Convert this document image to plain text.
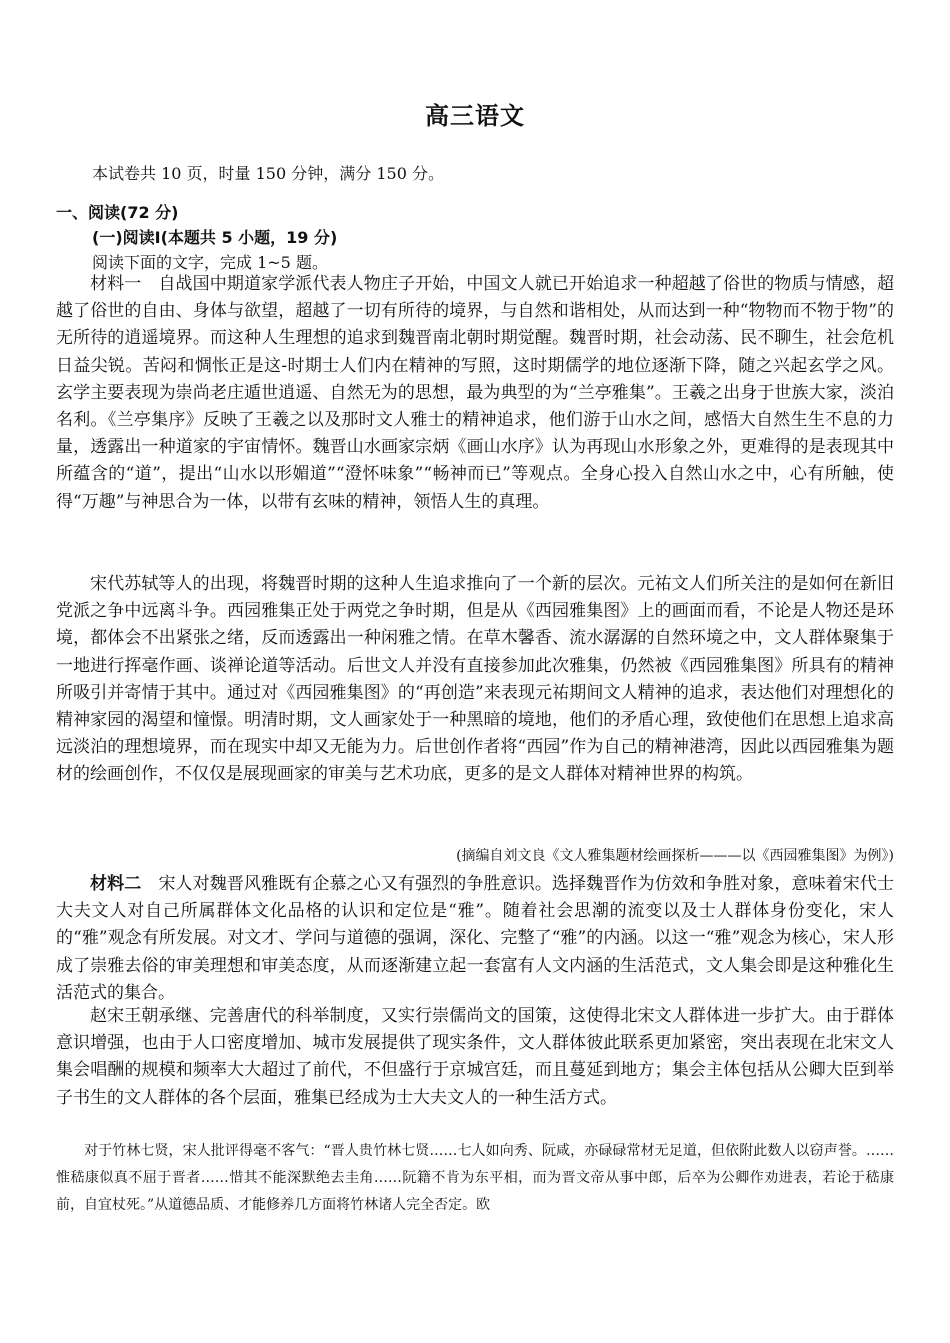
高三语文
本试卷共 10 页，时量 150 分钟，满分 150 分。
一、阅读(72 分)
(一)阅读Ⅰ(本题共 5 小题，19 分)
阅读下面的文字，完成 1~5 题。

材料一　 自战国中期道家学派代表人物庄子开始，中国文人就已开始追求一种超越了俗世的物质与情感，超越了俗世的自由、身体与欲望，超越了一切有所待的境界，与自然和谐相处，从而达到一种“物物而不物于物”的无所待的逍遥境界。而这种人生理想的追求到魏晋南北朝时期觉醒。魏晋时期，社会动荡、民不聊生，社会危机日益尖锐。苦闷和惆怅正是这-时期士人们内在精神的写照，这时期儒学的地位逐渐下降，随之兴起玄学之风。玄学主要表现为崇尚老庄遁世逍遥、自然无为的思想，最为典型的为“兰亭雅集”。王羲之出身于世族大家，淡泊名利。《兰亭集序》反映了王羲之以及那时文人雅士的精神追求，他们游于山水之间，感悟大自然生生不息的力量，透露出一种道家的宇宙情怀。魏晋山水画家宗炳《画山水序》认为再现山水形象之外，更难得的是表现其中所蕴含的“道”，提出“山水以形媚道”“澄怀味象”“畅神而已”等观点。全身心投入自然山水之中，心有所触，使得“万趣”与神思合为一体，以带有玄味的精神，领悟人生的真理。

宋代苏轼等人的出现，将魏晋时期的这种人生追求推向了一个新的层次。元祐文人们所关注的是如何在新旧党派之争中远离斗争。西园雅集正处于两党之争时期，但是从《西园雅集图》上的画面而看，不论是人物还是环境，都体会不出紧张之绪，反而透露出一种闲雅之情。在草木馨香、流水潺潺的自然环境之中，文人群体聚集于一地进行挥毫作画、谈禅论道等活动。后世文人并没有直接参加此次雅集，仍然被《西园雅集图》所具有的精神所吸引并寄情于其中。通过对《西园雅集图》的“再创造”来表现元祐期间文人精神的追求，表达他们对理想化的精神家园的渴望和憧憬。明清时期，文人画家处于一种黑暗的境地，他们的矛盾心理，致使他们在思想上追求高远淡泊的理想境界，而在现实中却又无能为力。后世创作者将“西园”作为自己的精神港湾，因此以西园雅集为题材的绘画创作，不仅仅是展现画家的审美与艺术功底，更多的是文人群体对精神世界的构筑。

(摘编自刘文良《文人雅集题材绘画探析———以《西园雅集图》为例》)

材料二　 宋人对魏晋风雅既有企慕之心又有强烈的争胜意识。选择魏晋作为仿效和争胜对象，意味着宋代士大夫文人对自己所属群体文化品格的认识和定位是“雅”。随着社会思潮的流变以及士人群体身份变化，宋人的“雅”观念有所发展。对文才、学问与道德的强调，深化、完整了“雅”的内涵。以这一“雅”观念为核心，宋人形成了崇雅去俗的审美理想和审美态度，从而逐渐建立起一套富有人文内涵的生活范式，文人集会即是这种雅化生活范式的集合。

赵宋王朝承继、完善唐代的科举制度，又实行崇儒尚文的国策，这使得北宋文人群体进一步扩大。由于群体意识增强，也由于人口密度增加、城市发展提供了现实条件，文人群体彼此联系更加紧密，突出表现在北宋文人集会唱酬的规模和频率大大超过了前代，不但盛行于京城宫廷，而且蔓延到地方；集会主体包括从公卿大臣到举子书生的文人群体的各个层面，雅集已经成为士大夫文人的一种生活方式。

对于竹林七贤，宋人批评得毫不客气：“晋人贵竹林七贤……七人如向秀、阮咸，亦碌碌常材无足道，但依附此数人以窃声誉。……惟嵇康似真不屈于晋者……惜其不能深默绝去圭角……阮籍不肯为东平相，而为晋文帝从事中郎，后卒为公卿作劝进表，若论于嵇康前，自宜杖死。”从道德品质、才能修养几方面将竹林诸人完全否定。欧
